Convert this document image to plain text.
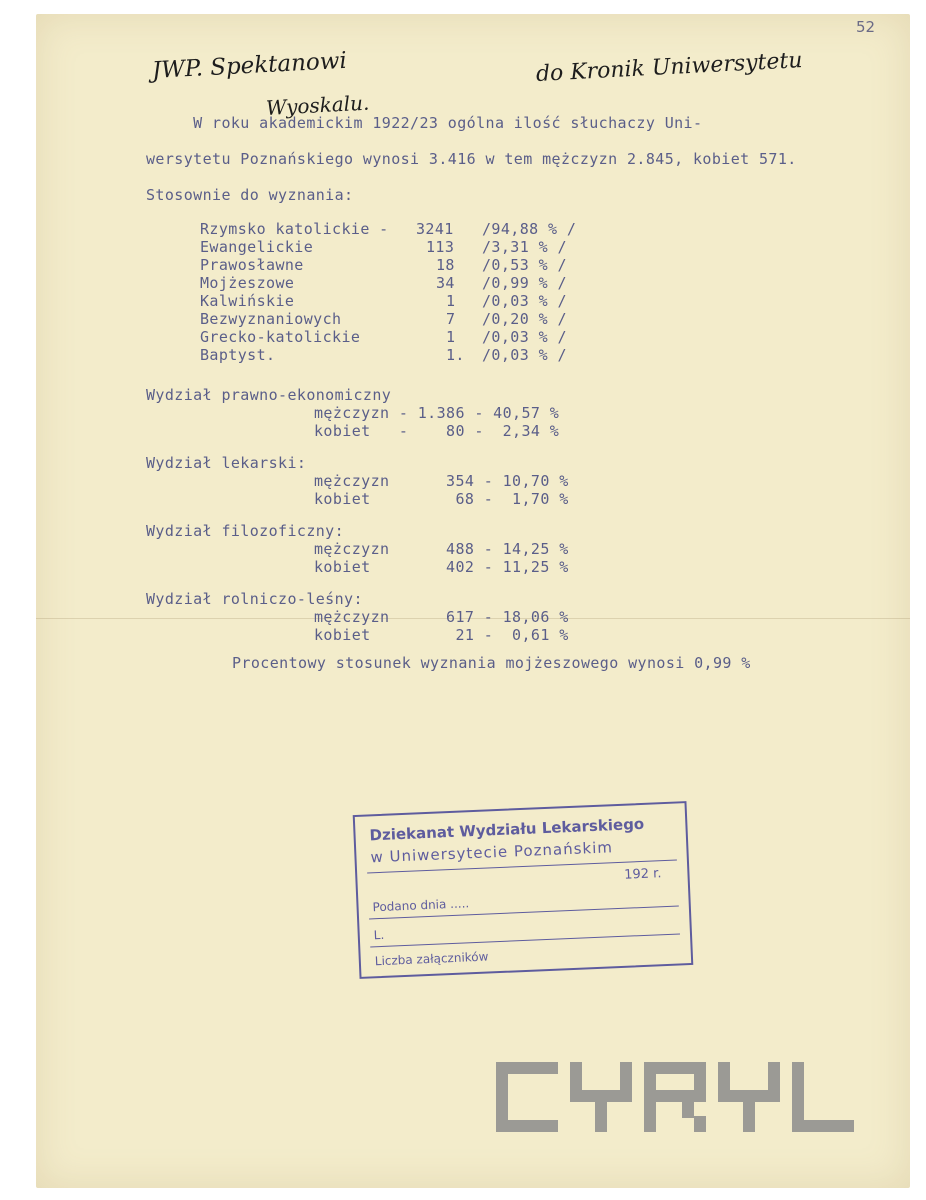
52
JWP. Spektanowi
Wyoskalu.
do Kronik Uniwersytetu
W roku akademickim 1922/23 ogólna ilość słuchaczy Uni-
wersytetu Poznańskiego wynosi 3.416 w tem mężczyzn 2.845, kobiet 571.
Stosownie do wyznania:
Rzymsko katolickie - 3241 /94,88 % /
Ewangelickie	113 /3,31 % /
Prawosławne	18 /0,53 % /
Mojżeszowe	34 /0,99 % /
Kalwińskie	1 /0,03 % /
Bezwyznaniowych	7 /0,20 % /
Grecko-katolickie	1 /0,03 % /
Baptyst.	1. /0,03 % /
Wydział prawno-ekonomiczny
mężczyzn - 1.386 - 40,57 %
kobiet   -    80 -  2,34 %
Wydział lekarski:
mężczyzn      354 - 10,70 %
kobiet         68 -  1,70 %
Wydział filozoficzny:
mężczyzn      488 - 14,25 %
kobiet        402 - 11,25 %
Wydział rolniczo-leśny:
mężczyzn      617 - 18,06 %
kobiet         21 -  0,61 %
Procentowy stosunek wyznania mojżeszowego wynosi 0,99 %
Dziekanat Wydziału Lekarskiego
w Uniwersytecie Poznańskim
192 r.
Podano dnia .....
L.
Liczba załączników
